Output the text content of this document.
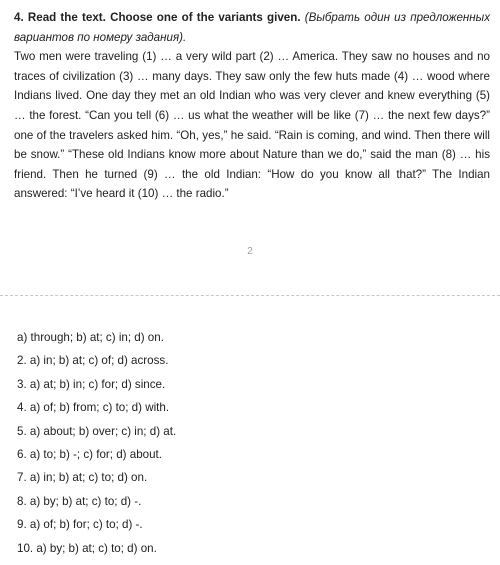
4. Read the text. Choose one of the variants given. (Выбрать один из предложенных вариантов по номеру задания).

Two men were traveling (1) … a very wild part (2) … America. They saw no houses and no traces of civilization (3) … many days. They saw only the few huts made (4) … wood where Indians lived. One day they met an old Indian who was very clever and knew everything (5) … the forest. “Can you tell (6) … us what the weather will be like (7) … the next few days?” one of the travelers asked him. “Oh, yes,” he said. “Rain is coming, and wind. Then there will be snow.” “These old Indians know more about Nature than we do,” said the man (8) … his friend. Then he turned (9) … the old Indian: “How do you know all that?” The Indian answered: “I’ve heard it (10) … the radio.”

2
a) through; b) at; c) in; d) on.
2. a) in; b) at; c) of; d) across.
3. a) at; b) in; c) for; d) since.
4. a) of; b) from; c) to; d) with.
5. a) about; b) over; c) in; d) at.
6. a) to; b) -; c) for; d) about.
7. a) in; b) at; c) to; d) on.
8. a) by; b) at; c) to; d) -.
9. a) of; b) for; c) to; d) -.
10. a) by; b) at; c) to; d) on.
